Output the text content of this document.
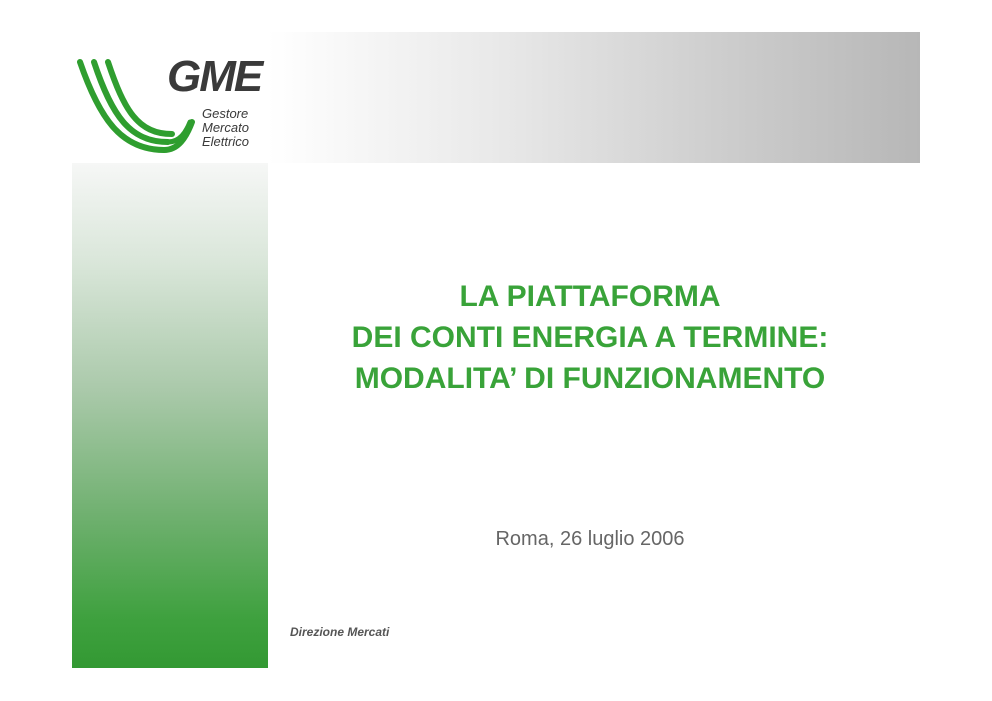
GME
Gestore
Mercato
Elettrico
LA PIATTAFORMA
DEI CONTI ENERGIA A TERMINE:
MODALITA’ DI FUNZIONAMENTO
Roma, 26 luglio 2006
Direzione Mercati
